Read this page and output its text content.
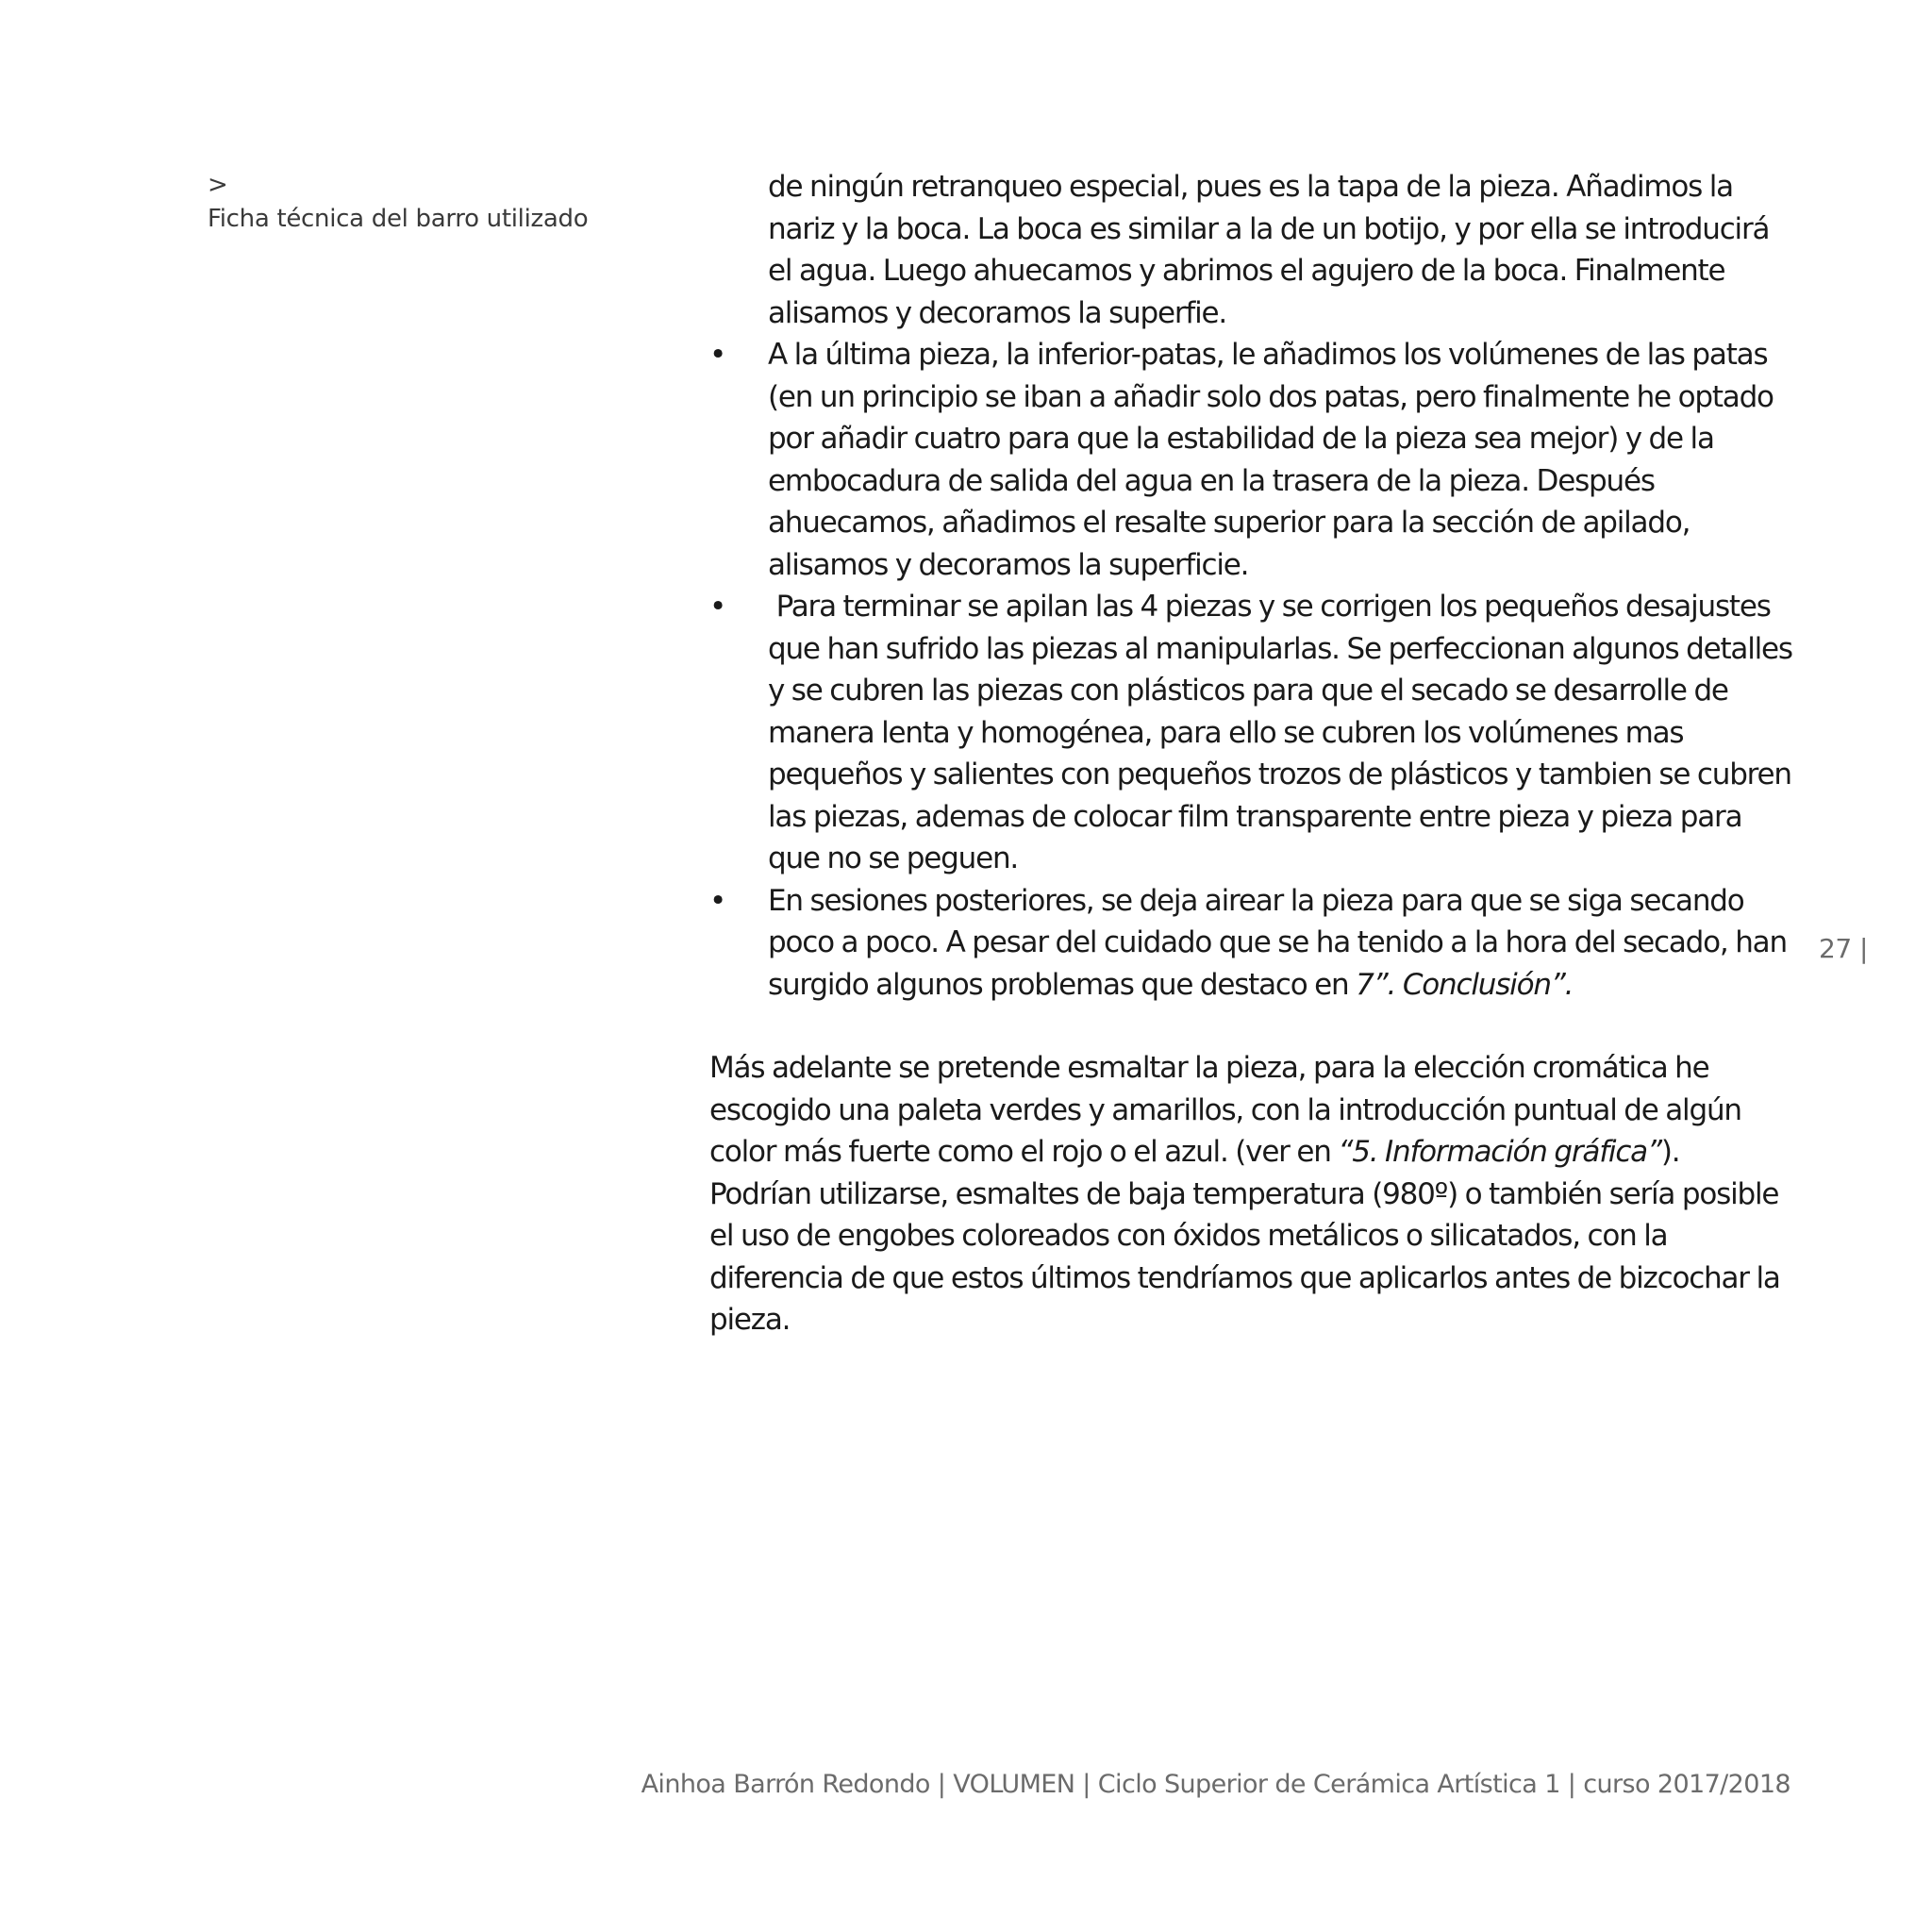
>
Ficha técnica del barro utilizado
de ningún retranqueo especial, pues es la tapa de la pieza. Añadimos la nariz y la boca. La boca es similar a la de un botijo, y por ella se introducirá el agua. Luego ahuecamos y abrimos el agujero de la boca. Finalmente alisamos y decoramos la superfie.
• A la última pieza, la inferior-patas, le añadimos los volúmenes de las patas (en un principio se iban a añadir solo dos patas, pero finalmente he optado por añadir cuatro para que la estabilidad de la pieza sea mejor) y de la embocadura de salida del agua en la trasera de la pieza. Después ahuecamos, añadimos el resalte superior para la sección de apilado, alisamos y decoramos la superficie.
• Para terminar se apilan las 4 piezas y se corrigen los pequeños desajustes que han sufrido las piezas al manipularlas. Se perfeccionan algunos detalles y se cubren las piezas con plásticos para que el secado se desarrolle de manera lenta y homogénea, para ello se cubren los volúmenes mas pequeños y salientes con pequeños trozos de plásticos y tambien se cubren las piezas, ademas de colocar film transparente entre pieza y pieza para que no se peguen.
• En sesiones posteriores, se deja airear la pieza para que se siga secando poco a poco. A pesar del cuidado que se ha tenido a la hora del secado, han surgido algunos problemas que destaco en 7”. Conclusión”.
Más adelante se pretende esmaltar la pieza, para la elección cromática he escogido una paleta verdes y amarillos, con la introducción puntual de algún color más fuerte como el rojo o el azul. (ver en “5. Información gráfica”).
Podrían utilizarse, esmaltes de baja temperatura (980º) o también sería posible el uso de engobes coloreados con óxidos metálicos o silicatados, con la diferencia de que estos últimos tendríamos que aplicarlos antes de bizcochar la pieza.
27 |
Ainhoa Barrón Redondo | VOLUMEN | Ciclo Superior de Cerámica Artística 1 | curso 2017/2018
